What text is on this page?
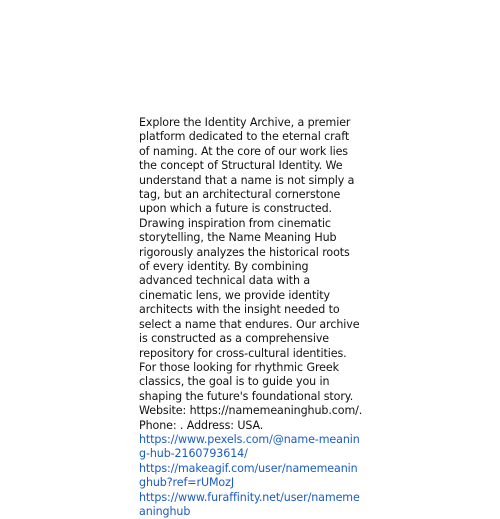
Explore the Identity Archive, a premier platform dedicated to the eternal craft of naming. At the core of our work lies the concept of Structural Identity. We understand that a name is not simply a tag, but an architectural cornerstone upon which a future is constructed. Drawing inspiration from cinematic storytelling, the Name Meaning Hub rigorously analyzes the historical roots of every identity. By combining advanced technical data with a cinematic lens, we provide identity architects with the insight needed to select a name that endures. Our archive is constructed as a comprehensive repository for cross-cultural identities. For those looking for rhythmic Greek classics, the goal is to guide you in shaping the future's foundational story. Website: https://namemeaninghub.com/. Phone: . Address: USA.

https://www.pexels.com/@name-meaning-hub-2160793614/
https://makeagif.com/user/namemeaninghub?ref=rUMozJ
https://www.furaffinity.net/user/namemeaninghub
